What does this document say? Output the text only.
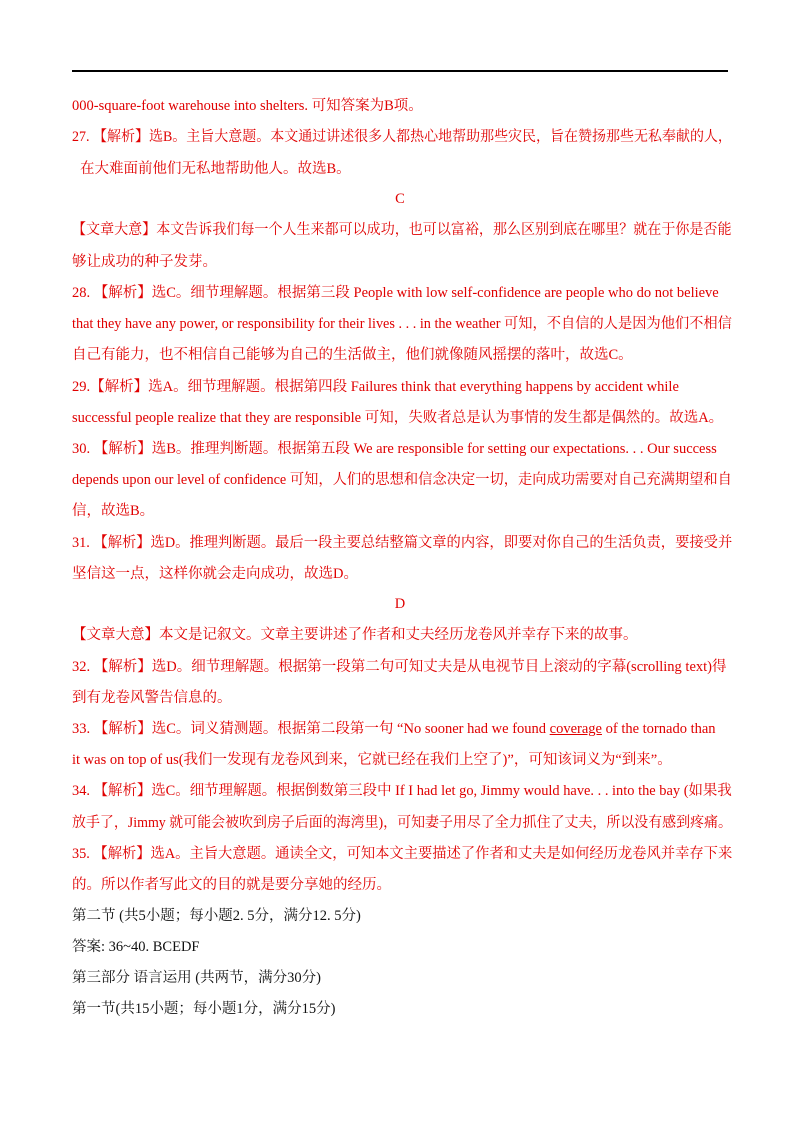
000-square-foot warehouse into shelters. 可知答案为B项。
27. 【解析】选B。主旨大意题。本文通过讲述很多人都热心地帮助那些灾民，旨在赞扬那些无私奉献的人，
在大难面前他们无私地帮助他人。故选B。
C
【文章大意】本文告诉我们每一个人生来都可以成功，也可以富裕，那么区别到底在哪里？就在于你是否能
够让成功的种子发芽。
28. 【解析】选C。细节理解题。根据第三段 People with low self-confidence are people who do not believe
that they have any power, or responsibility for their lives . . . in the weather 可知，不自信的人是因为他们不相信
自己有能力，也不相信自己能够为自己的生活做主，他们就像随风摇摆的落叶，故选C。
29.【解析】选A。细节理解题。根据第四段 Failures think that everything happens by accident while
successful people realize that they are responsible 可知，失败者总是认为事情的发生都是偶然的。故选A。
30. 【解析】选B。推理判断题。根据第五段 We are responsible for setting our expectations. . . Our success
depends upon our level of confidence 可知，人们的思想和信念决定一切，走向成功需要对自己充满期望和自
信，故选B。
31. 【解析】选D。推理判断题。最后一段主要总结整篇文章的内容，即要对你自己的生活负责，要接受并
坚信这一点，这样你就会走向成功，故选D。
D
【文章大意】本文是记叙文。文章主要讲述了作者和丈夫经历龙卷风并幸存下来的故事。
32. 【解析】选D。细节理解题。根据第一段第二句可知丈夫是从电视节目上滚动的字幕(scrolling text)得
到有龙卷风警告信息的。
33. 【解析】选C。词义猜测题。根据第二段第一句 “No sooner had we found coverage of the tornado than
it was on top of us(我们一发现有龙卷风到来，它就已经在我们上空了)”，可知该词义为“到来”。
34. 【解析】选C。细节理解题。根据倒数第三段中 If I had let go, Jimmy would have. . . into the bay (如果我
放手了，Jimmy 就可能会被吹到房子后面的海湾里)，可知妻子用尽了全力抓住了丈夫，所以没有感到疼痛。
35. 【解析】选A。主旨大意题。通读全文，可知本文主要描述了作者和丈夫是如何经历龙卷风并幸存下来
的。所以作者写此文的目的就是要分享她的经历。
第二节 (共5小题；每小题2. 5分，满分12. 5分)
答案: 36~40. BCEDF
第三部分 语言运用 (共两节，满分30分)
第一节(共15小题；每小题1分，满分15分)
